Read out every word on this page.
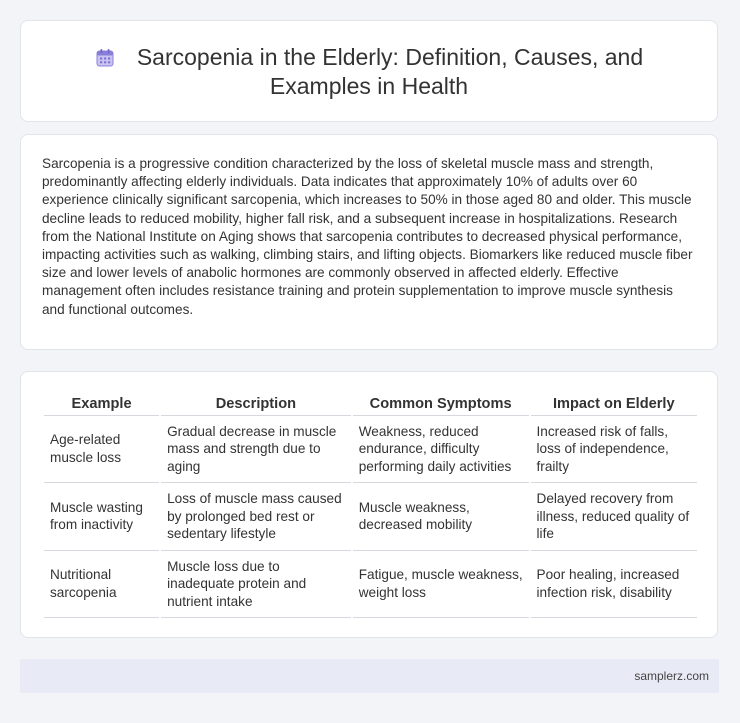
Sarcopenia in the Elderly: Definition, Causes, and Examples in Health
Sarcopenia is a progressive condition characterized by the loss of skeletal muscle mass and strength, predominantly affecting elderly individuals. Data indicates that approximately 10% of adults over 60 experience clinically significant sarcopenia, which increases to 50% in those aged 80 and older. This muscle decline leads to reduced mobility, higher fall risk, and a subsequent increase in hospitalizations. Research from the National Institute on Aging shows that sarcopenia contributes to decreased physical performance, impacting activities such as walking, climbing stairs, and lifting objects. Biomarkers like reduced muscle fiber size and lower levels of anabolic hormones are commonly observed in affected elderly. Effective management often includes resistance training and protein supplementation to improve muscle synthesis and functional outcomes.
Example	Description	Common Symptoms	Impact on Elderly
Age-related muscle loss	Gradual decrease in muscle mass and strength due to aging	Weakness, reduced endurance, difficulty performing daily activities	Increased risk of falls, loss of independence, frailty
Muscle wasting from inactivity	Loss of muscle mass caused by prolonged bed rest or sedentary lifestyle	Muscle weakness, decreased mobility	Delayed recovery from illness, reduced quality of life
Nutritional sarcopenia	Muscle loss due to inadequate protein and nutrient intake	Fatigue, muscle weakness, weight loss	Poor healing, increased infection risk, disability
samplerz.com
